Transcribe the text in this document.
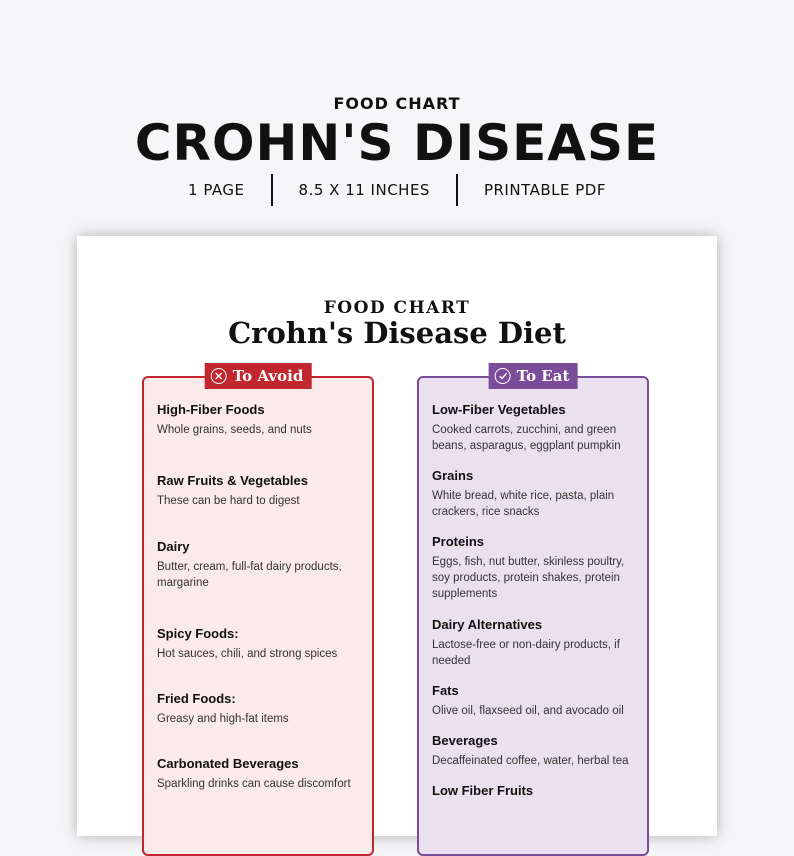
FOOD CHART
CROHN'S DISEASE
1 PAGE	8.5 X 11 INCHES	PRINTABLE PDF
FOOD CHART
Crohn's Disease Diet
To Avoid
High-Fiber Foods
Whole grains, seeds, and nuts
Raw Fruits & Vegetables
These can be hard to digest
Dairy
Butter, cream, full-fat dairy products, margarine
Spicy Foods:
Hot sauces, chili, and strong spices
Fried Foods:
Greasy and high-fat items
Carbonated Beverages
Sparkling drinks can cause discomfort
To Eat
Low-Fiber Vegetables
Cooked carrots, zucchini, and green beans, asparagus, eggplant pumpkin
Grains
White bread, white rice, pasta, plain crackers, rice snacks
Proteins
Eggs, fish, nut butter, skinless poultry, soy products, protein shakes, protein supplements
Dairy Alternatives
Lactose-free or non-dairy products, if needed
Fats
Olive oil, flaxseed oil, and avocado oil
Beverages
Decaffeinated coffee, water, herbal tea
Low Fiber Fruits
